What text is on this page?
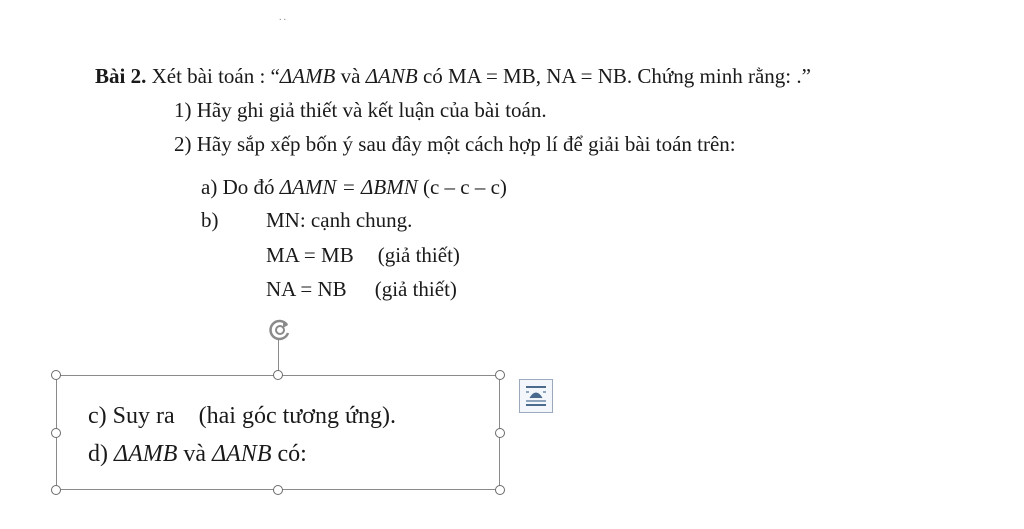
..
Bài 2. Xét bài toán : “ΔAMB và ΔANB có MA = MB, NA = NB. Chứng minh rằng: .”
1) Hãy ghi giả thiết và kết luận của bài toán.
2) Hãy sắp xếp bốn ý sau đây một cách hợp lí để giải bài toán trên:
a) Do đó ΔAMN = ΔBMN (c – c – c)
b) MN: cạnh chung.
MA = MB (giả thiết)
NA = NB (giả thiết)
c) Suy ra (hai góc tương ứng).
d) ΔAMB và ΔANB có:
